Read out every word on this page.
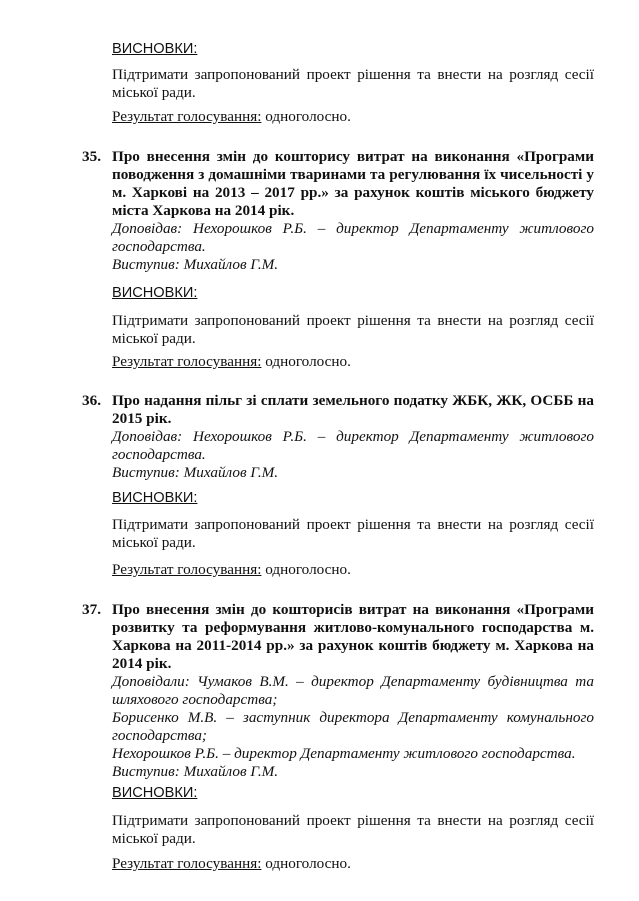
ВИСНОВКИ:
Підтримати запропонований проект рішення та внести на розгляд сесії міської ради.
Результат голосування: одноголосно.
35. Про внесення змін до кошторису витрат на виконання «Програми поводження з домашніми тваринами та регулювання їх чисельності у м. Харкові на 2013 – 2017 рр.» за рахунок коштів міського бюджету міста Харкова на 2014 рік.
Доповідав: Нехорошков Р.Б. – директор Департаменту житлового господарства.
Виступив: Михайлов Г.М.
ВИСНОВКИ:
Підтримати запропонований проект рішення та внести на розгляд сесії міської ради.
Результат голосування: одноголосно.
36. Про надання пільг зі сплати земельного податку ЖБК, ЖК, ОСББ на 2015 рік.
Доповідав: Нехорошков Р.Б. – директор Департаменту житлового господарства.
Виступив: Михайлов Г.М.
ВИСНОВКИ:
Підтримати запропонований проект рішення та внести на розгляд сесії міської ради.
Результат голосування: одноголосно.
37. Про внесення змін до кошторисів витрат на виконання «Програми розвитку та реформування житлово-комунального господарства м. Харкова на 2011-2014 рр.» за рахунок коштів бюджету м. Харкова на 2014 рік.
Доповідали: Чумаков В.М. – директор Департаменту будівництва та шляхового господарства;
Борисенко М.В. – заступник директора Департаменту комунального господарства;
Нехорошков Р.Б. – директор Департаменту житлового господарства.
Виступив: Михайлов Г.М.
ВИСНОВКИ:
Підтримати запропонований проект рішення та внести на розгляд сесії міської ради.
Результат голосування: одноголосно.
